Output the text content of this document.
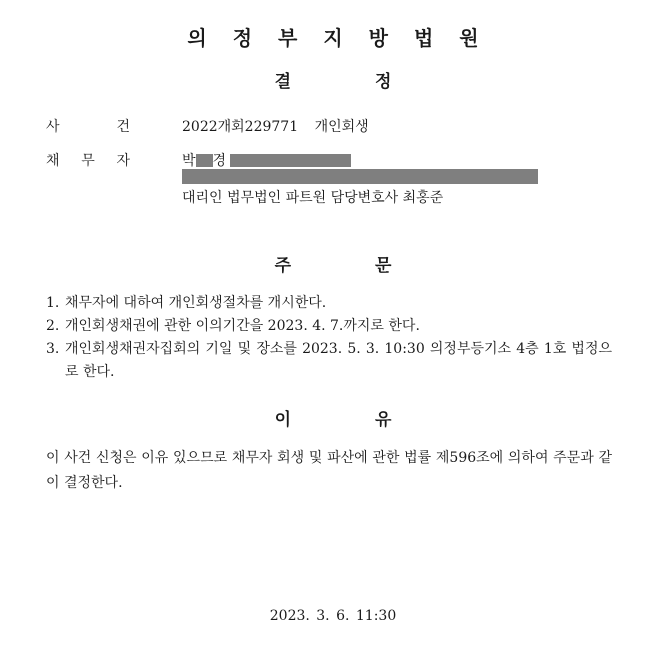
의정부지방법원
결정
사	건	2022개회229771 개인회생
채 무 자	박 경
대리인 법무법인 파트원 담당변호사 최홍준
주문
1. 채무자에 대하여 개인회생절차를 개시한다.
2. 개인회생채권에 관한 이의기간을 2023. 4. 7.까지로 한다.
3. 개인회생채권자집회의 기일 및 장소를 2023. 5. 3. 10:30 의정부등기소 4층 1호 법정으로 한다.
이유
이 사건 신청은 이유 있으므로 채무자 회생 및 파산에 관한 법률 제596조에 의하여 주문과 같이 결정한다.
2023. 3. 6. 11:30
